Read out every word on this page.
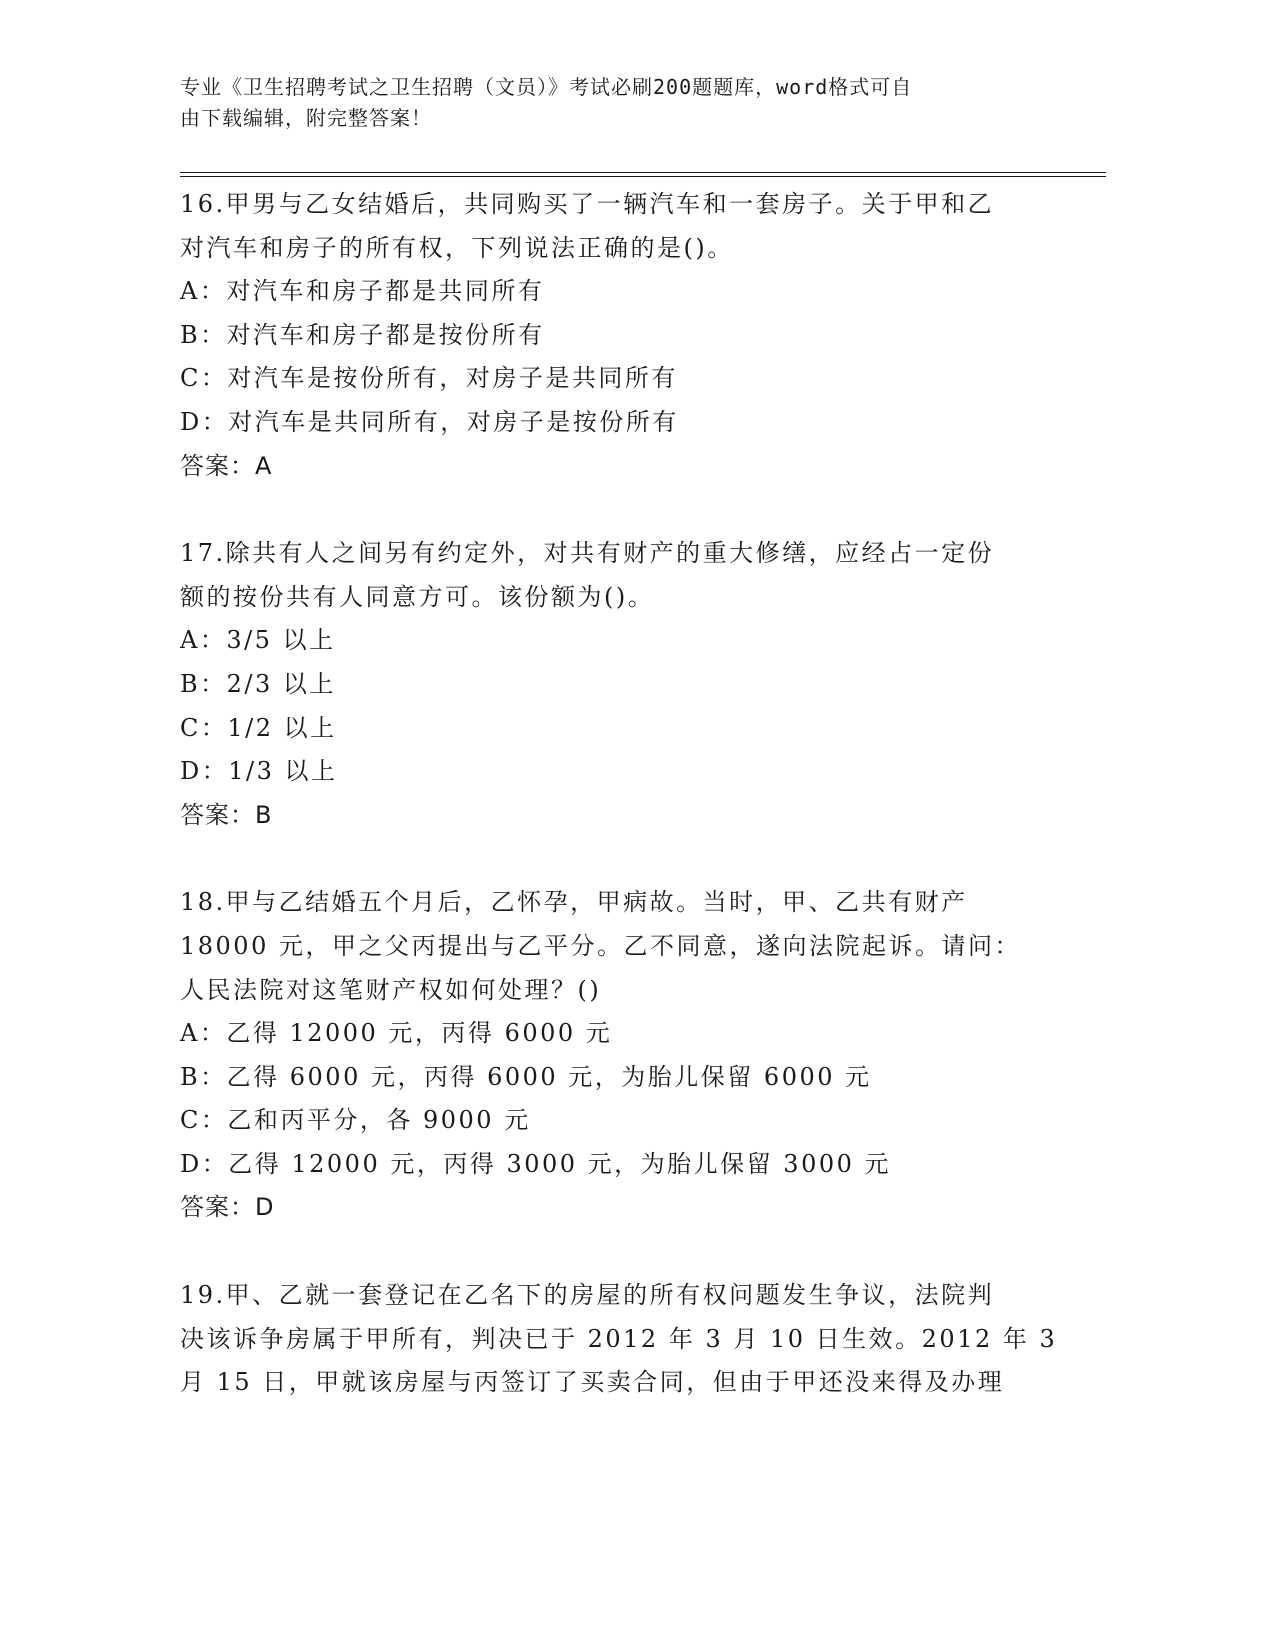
专业《卫生招聘考试之卫生招聘（文员）》考试必刷200题题库，word格式可自
由下载编辑，附完整答案！
16.甲男与乙女结婚后，共同购买了一辆汽车和一套房子。关于甲和乙
对汽车和房子的所有权，下列说法正确的是()。
A：对汽车和房子都是共同所有
B：对汽车和房子都是按份所有
C：对汽车是按份所有，对房子是共同所有
D：对汽车是共同所有，对房子是按份所有
答案：A
17.除共有人之间另有约定外，对共有财产的重大修缮，应经占一定份
额的按份共有人同意方可。该份额为()。
A：3/5 以上
B：2/3 以上
C：1/2 以上
D：1/3 以上
答案：B
18.甲与乙结婚五个月后，乙怀孕，甲病故。当时，甲、乙共有财产
18000 元，甲之父丙提出与乙平分。乙不同意，遂向法院起诉。请问：
人民法院对这笔财产权如何处理？()
A：乙得 12000 元，丙得 6000 元
B：乙得 6000 元，丙得 6000 元，为胎儿保留 6000 元
C：乙和丙平分，各 9000 元
D：乙得 12000 元，丙得 3000 元，为胎儿保留 3000 元
答案：D
19.甲、乙就一套登记在乙名下的房屋的所有权问题发生争议，法院判
决该诉争房属于甲所有，判决已于 2012 年 3 月 10 日生效。2012 年 3
月 15 日，甲就该房屋与丙签订了买卖合同，但由于甲还没来得及办理
